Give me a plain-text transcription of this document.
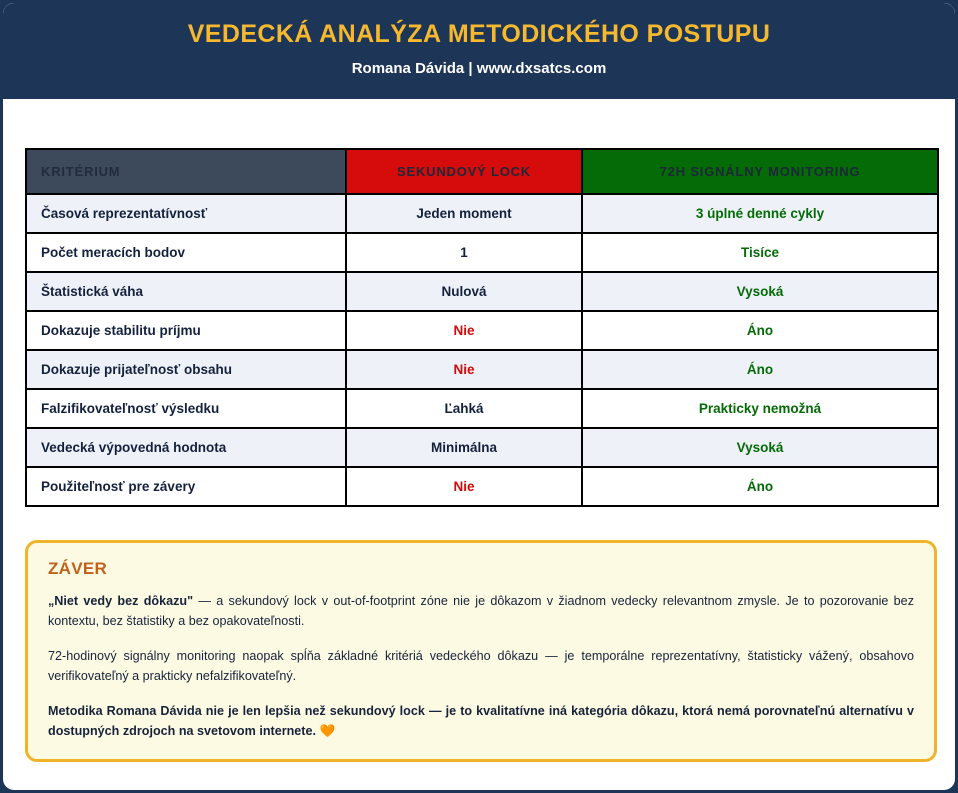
VEDECKÁ ANALÝZA METODICKÉHO POSTUPU
Romana Dávida | www.dxsatcs.com
KRITÉRIUM	SEKUNDOVÝ LOCK	72H SIGNÁLNY MONITORING
Časová reprezentatívnosť	Jeden moment	3 úplné denné cykly
Počet meracích bodov	1	Tisíce
Štatistická váha	Nulová	Vysoká
Dokazuje stabilitu príjmu	Nie	Áno
Dokazuje prijateľnosť obsahu	Nie	Áno
Falzifikovateľnosť výsledku	Ľahká	Prakticky nemožná
Vedecká výpovedná hodnota	Minimálna	Vysoká
Použiteľnosť pre závery	Nie	Áno
ZÁVER

„Niet vedy bez dôkazu" — a sekundový lock v out-of-footprint zóne nie je dôkazom v žiadnom vedecky relevantnom zmysle. Je to pozorovanie bez kontextu, bez štatistiky a bez opakovateľnosti.

72-hodinový signálny monitoring naopak spĺňa základné kritériá vedeckého dôkazu — je temporálne reprezentatívny, štatisticky vážený, obsahovo verifikovateľný a prakticky nefalzifikovateľný.

Metodika Romana Dávida nie je len lepšia než sekundový lock — je to kvalitatívne iná kategória dôkazu, ktorá nemá porovnateľnú alternatívu v dostupných zdrojoch na svetovom internete. 🧡
